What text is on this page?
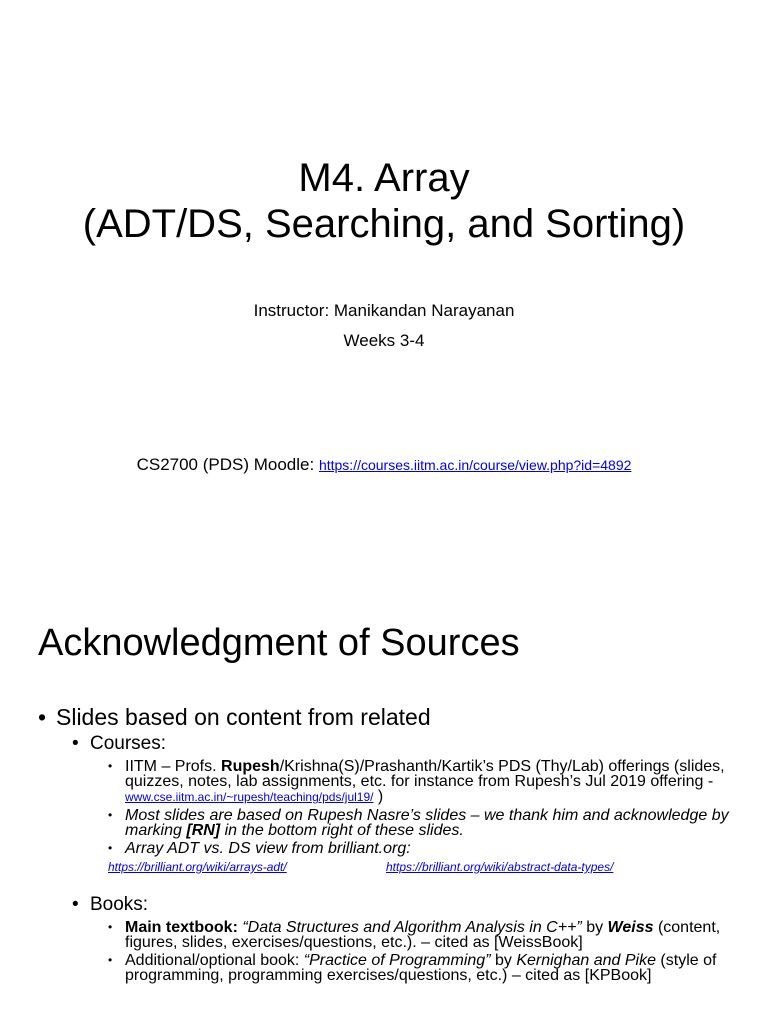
M4. Array
(ADT/DS, Searching, and Sorting)
Instructor: Manikandan Narayanan
Weeks 3-4
CS2700 (PDS) Moodle: https://courses.iitm.ac.in/course/view.php?id=4892
Acknowledgment of Sources
• Slides based on content from related
• Courses:
• IITM – Profs. Rupesh/Krishna(S)/Prashanth/Kartik’s PDS (Thy/Lab) offerings (slides, quizzes, notes, lab assignments, etc. for instance from Rupesh’s Jul 2019 offering - www.cse.iitm.ac.in/~rupesh/teaching/pds/jul19/ )
• Most slides are based on Rupesh Nasre’s slides – we thank him and acknowledge by marking [RN] in the bottom right of these slides.
• Array ADT vs. DS view from brilliant.org:
https://brilliant.org/wiki/arrays-adt/	https://brilliant.org/wiki/abstract-data-types/
• Books:
• Main textbook: “Data Structures and Algorithm Analysis in C++” by Weiss (content, figures, slides, exercises/questions, etc.). – cited as [WeissBook]
• Additional/optional book: “Practice of Programming” by Kernighan and Pike (style of programming, programming exercises/questions, etc.) – cited as [KPBook]
